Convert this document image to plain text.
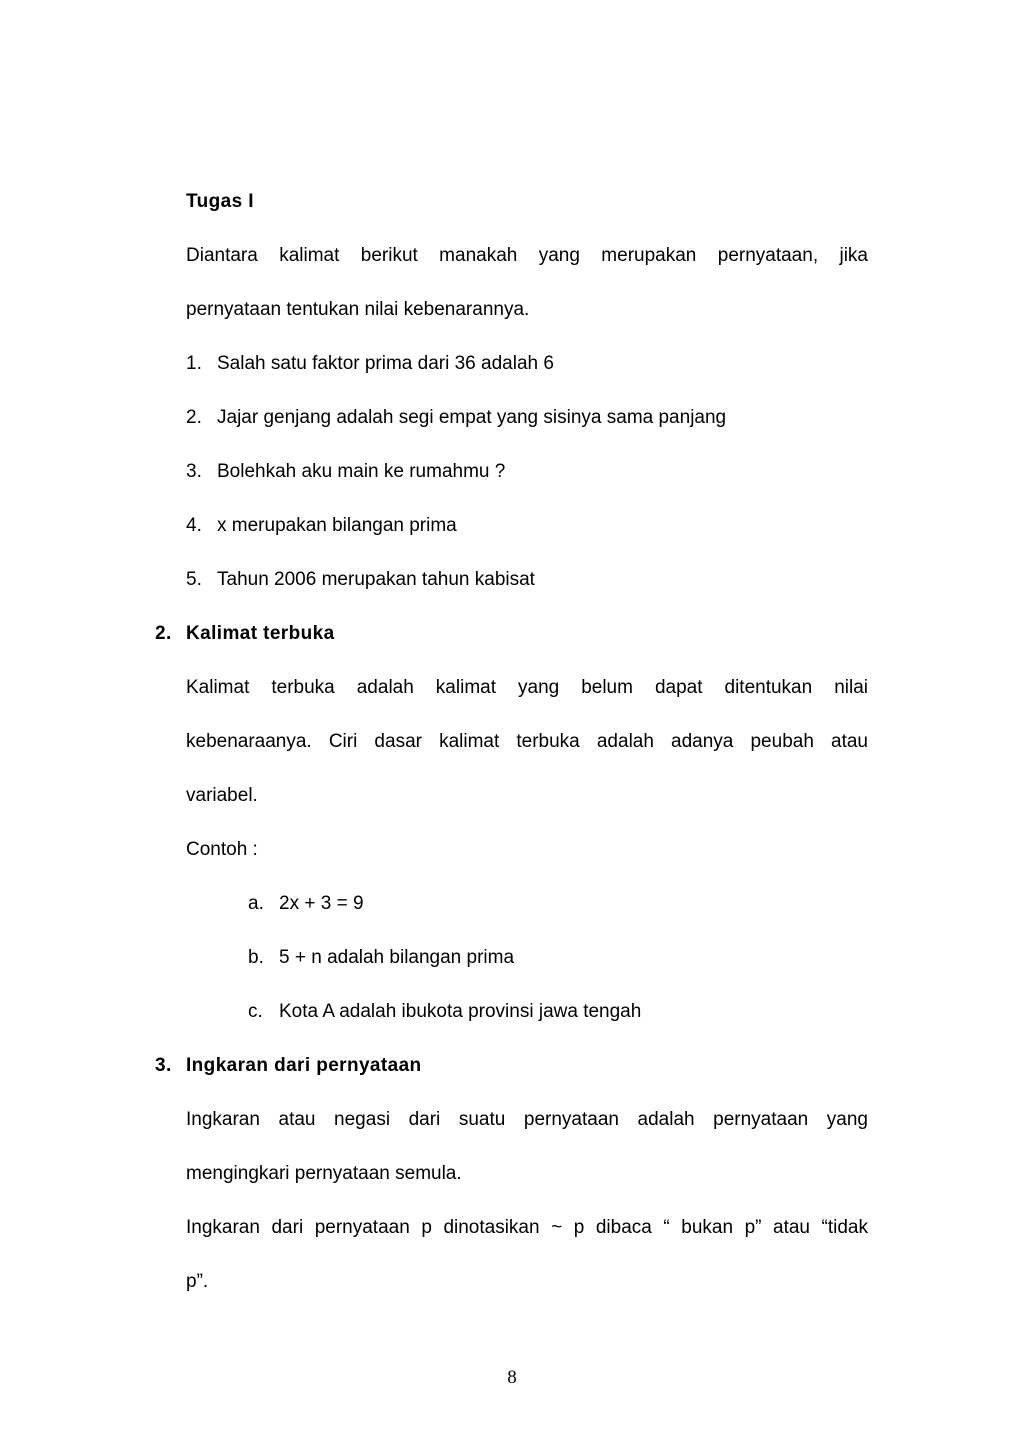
Tugas I
Diantara kalimat berikut manakah yang merupakan pernyataan, jika
pernyataan tentukan nilai kebenarannya.
1. Salah satu faktor prima dari 36 adalah 6
2. Jajar genjang adalah segi empat yang sisinya sama panjang
3. Bolehkah aku main ke rumahmu ?
4. x merupakan bilangan prima
5. Tahun 2006 merupakan tahun kabisat
2. Kalimat terbuka
Kalimat terbuka adalah kalimat yang belum dapat ditentukan nilai
kebenaraanya. Ciri dasar kalimat terbuka adalah adanya peubah atau
variabel.
Contoh :
a. 2x + 3 = 9
b. 5 + n adalah bilangan prima
c. Kota A adalah ibukota provinsi jawa tengah
3. Ingkaran dari pernyataan
Ingkaran atau negasi dari suatu pernyataan adalah pernyataan yang
mengingkari pernyataan semula.
Ingkaran dari pernyataan p dinotasikan ~ p dibaca “ bukan p” atau “tidak
p”.
8
